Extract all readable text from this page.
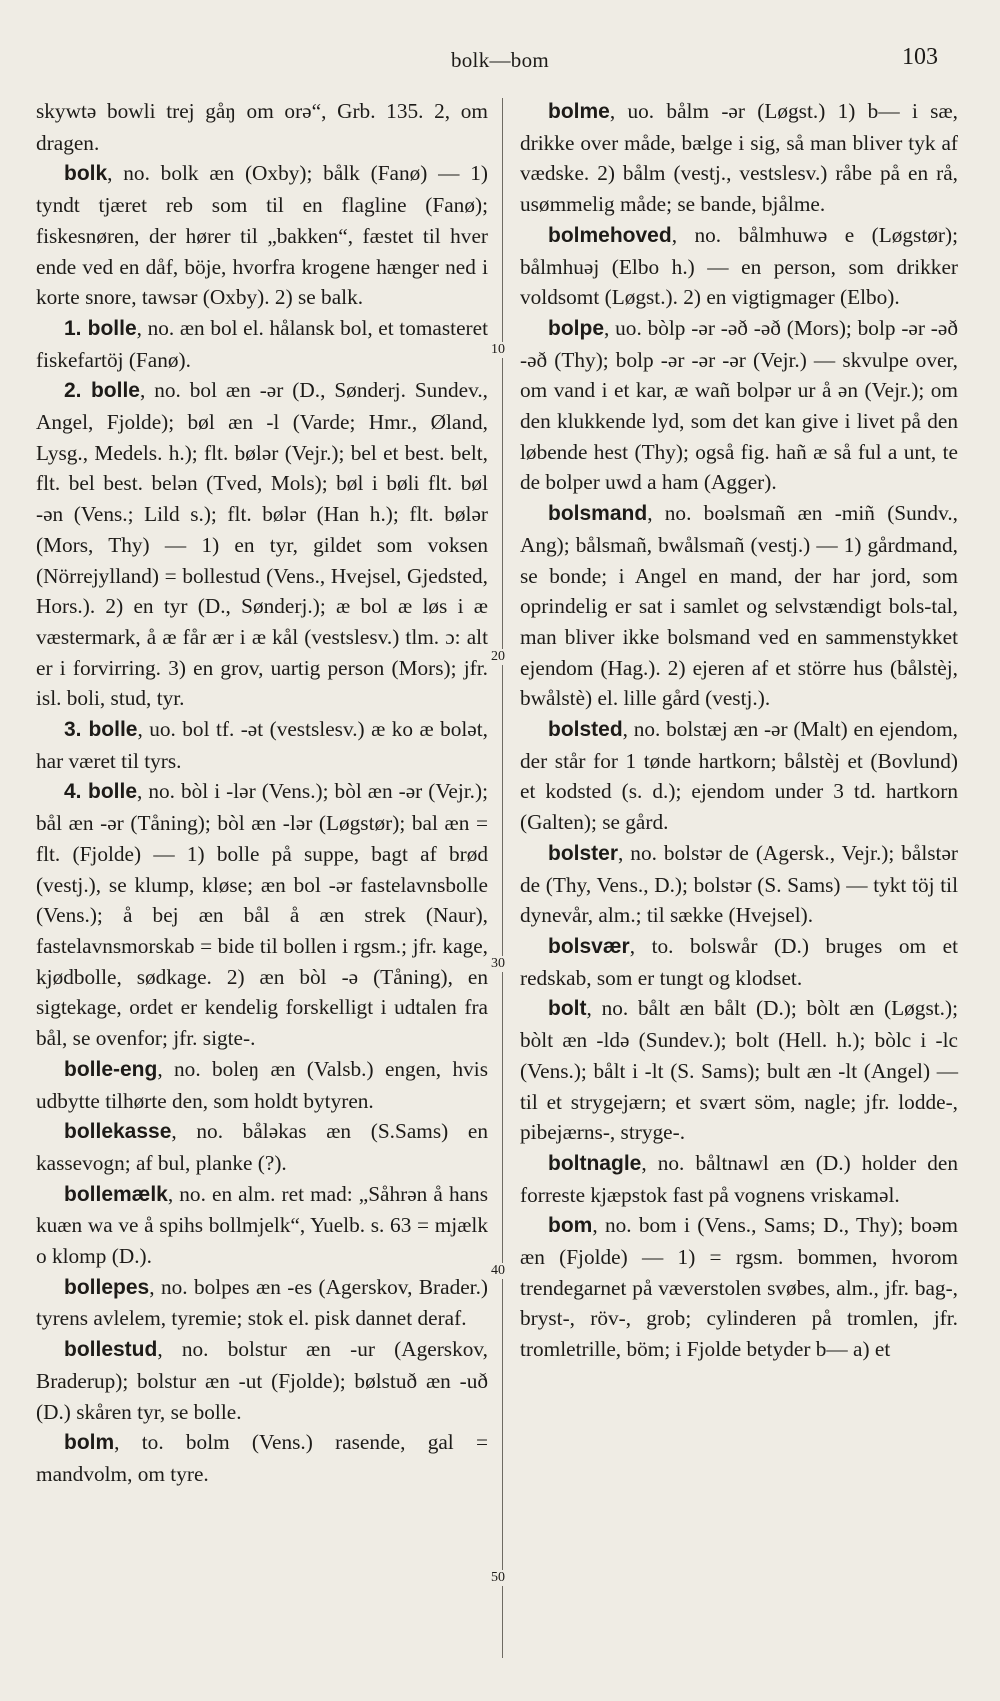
bolk—bom	103
10
20
30
40
50

skywtə bowli trej gåŋ om orə“, Grb. 135. 2, om dragen.

bolk, no. bolk æn (Oxby); bålk (Fanø) — 1) tyndt tjæret reb som til en flagline (Fanø); fiskesnøren, der hører til „bakken“, fæstet til hver ende ved en dåf, böje, hvorfra krogene hænger ned i korte snore, tawsər (Oxby). 2) se balk.

1. bolle, no. æn bol el. hålansk bol, et tomasteret fiskefartöj (Fanø).

2. bolle, no. bol æn -ər (D., Sønderj. Sundev., Angel, Fjolde); bøl æn -l (Varde; Hmr., Øland, Lysg., Medels. h.); flt. bølər (Vejr.); bel et best. belt, flt. bel best. belən (Tved, Mols); bøl i bøli flt. bøl -ən (Vens.; Lild s.); flt. bølər (Han h.); flt. bølər (Mors, Thy) — 1) en tyr, gildet som voksen (Nörrejylland) = bollestud (Vens., Hvejsel, Gjedsted, Hors.). 2) en tyr (D., Sønderj.); æ bol æ løs i æ væstermark, å æ får ær i æ kål (vestslesv.) tlm. ɔ: alt er i forvirring. 3) en grov, uartig person (Mors); jfr. isl. boli, stud, tyr.

3. bolle, uo. bol tf. -ət (vestslesv.) æ ko æ bolət, har været til tyrs.

4. bolle, no. bòl i -lər (Vens.); bòl æn -ər (Vejr.); bål æn -ər (Tåning); bòl æn -lər (Løgstør); bal æn = flt. (Fjolde) — 1) bolle på suppe, bagt af brød (vestj.), se klump, kløse; æn bol -ər fastelavnsbolle (Vens.); å bej æn bål å æn strek (Naur), fastelavnsmorskab = bide til bollen i rgsm.; jfr. kage, kjødbolle, sødkage. 2) æn bòl -ə (Tåning), en sigtekage, ordet er kendelig forskelligt i udtalen fra bål, se ovenfor; jfr. sigte-.

bolle-eng, no. boleŋ æn (Valsb.) engen, hvis udbytte tilhørte den, som holdt bytyren.

bollekasse, no. bålәkas æn (S.Sams) en kassevogn; af bul, planke (?).

bollemælk, no. en alm. ret mad: „Såhrən å hans kuæn wa ve å spihs bollmjelk“, Yuelb. s. 63 = mjælk o klomp (D.).

bollepes, no. bolpes æn -es (Agerskov, Brader.) tyrens avlelem, tyremie; stok el. pisk dannet deraf.

bollestud, no. bolstur æn -ur (Agerskov, Braderup); bolstur æn -ut (Fjolde); bølstuð æn -uð (D.) skåren tyr, se bolle.

bolm, to. bolm (Vens.) rasende, gal = mandvolm, om tyre.

bolme, uo. bålm -ər (Løgst.) 1) b— i sæ, drikke over måde, bælge i sig, så man bliver tyk af vædske. 2) bålm (vestj., vestslesv.) råbe på en rå, usømmelig måde; se bande, bjålme.

bolmehoved, no. bålmhuwə e (Løgstør); bålmhuəj (Elbo h.) — en person, som drikker voldsomt (Løgst.). 2) en vigtigmager (Elbo).

bolpe, uo. bòlp -ər -əð -əð (Mors); bolp -ər -əð -əð (Thy); bolp -ər -ər -ər (Vejr.) — skvulpe over, om vand i et kar, æ wañ bolpər ur å ən (Vejr.); om den klukkende lyd, som det kan give i livet på den løbende hest (Thy); også fig. hañ æ så ful a unt, te de bolper uwd a ham (Agger).

bolsmand, no. boəlsmañ æn -miñ (Sundv., Ang); bålsmañ, bwålsmañ (vestj.) — 1) gårdmand, se bonde; i Angel en mand, der har jord, som oprindelig er sat i samlet og selvstændigt bols-tal, man bliver ikke bolsmand ved en sammenstykket ejendom (Hag.). 2) ejeren af et större hus (bålstèj, bwålstè) el. lille gård (vestj.).

bolsted, no. bolstæj æn -ər (Malt) en ejendom, der står for 1 tønde hartkorn; bålstèj et (Bovlund) et kodsted (s. d.); ejendom under 3 td. hartkorn (Galten); se gård.

bolster, no. bolstər de (Agersk., Vejr.); bålstər de (Thy, Vens., D.); bolstər (S. Sams) — tykt töj til dynevår, alm.; til sække (Hvejsel).

bolsvær, to. bolswår (D.) bruges om et redskab, som er tungt og klodset.

bolt, no. bålt æn bålt (D.); bòlt æn (Løgst.); bòlt æn -ldə (Sundev.); bolt (Hell. h.); bòlc i -lc (Vens.); bålt i -lt (S. Sams); bult æn -lt (Angel) — til et strygejærn; et svært söm, nagle; jfr. lodde-, pibejærns-, stryge-.

boltnagle, no. båltnawl æn (D.) holder den forreste kjæpstok fast på vognens vriskaməl.

bom, no. bom i (Vens., Sams; D., Thy); boəm æn (Fjolde) — 1) = rgsm. bommen, hvorom trendegarnet på væverstolen svøbes, alm., jfr. bag-, bryst-, röv-, grob; cylinderen på tromlen, jfr. tromletrille, böm; i Fjolde betyder b— a) et
